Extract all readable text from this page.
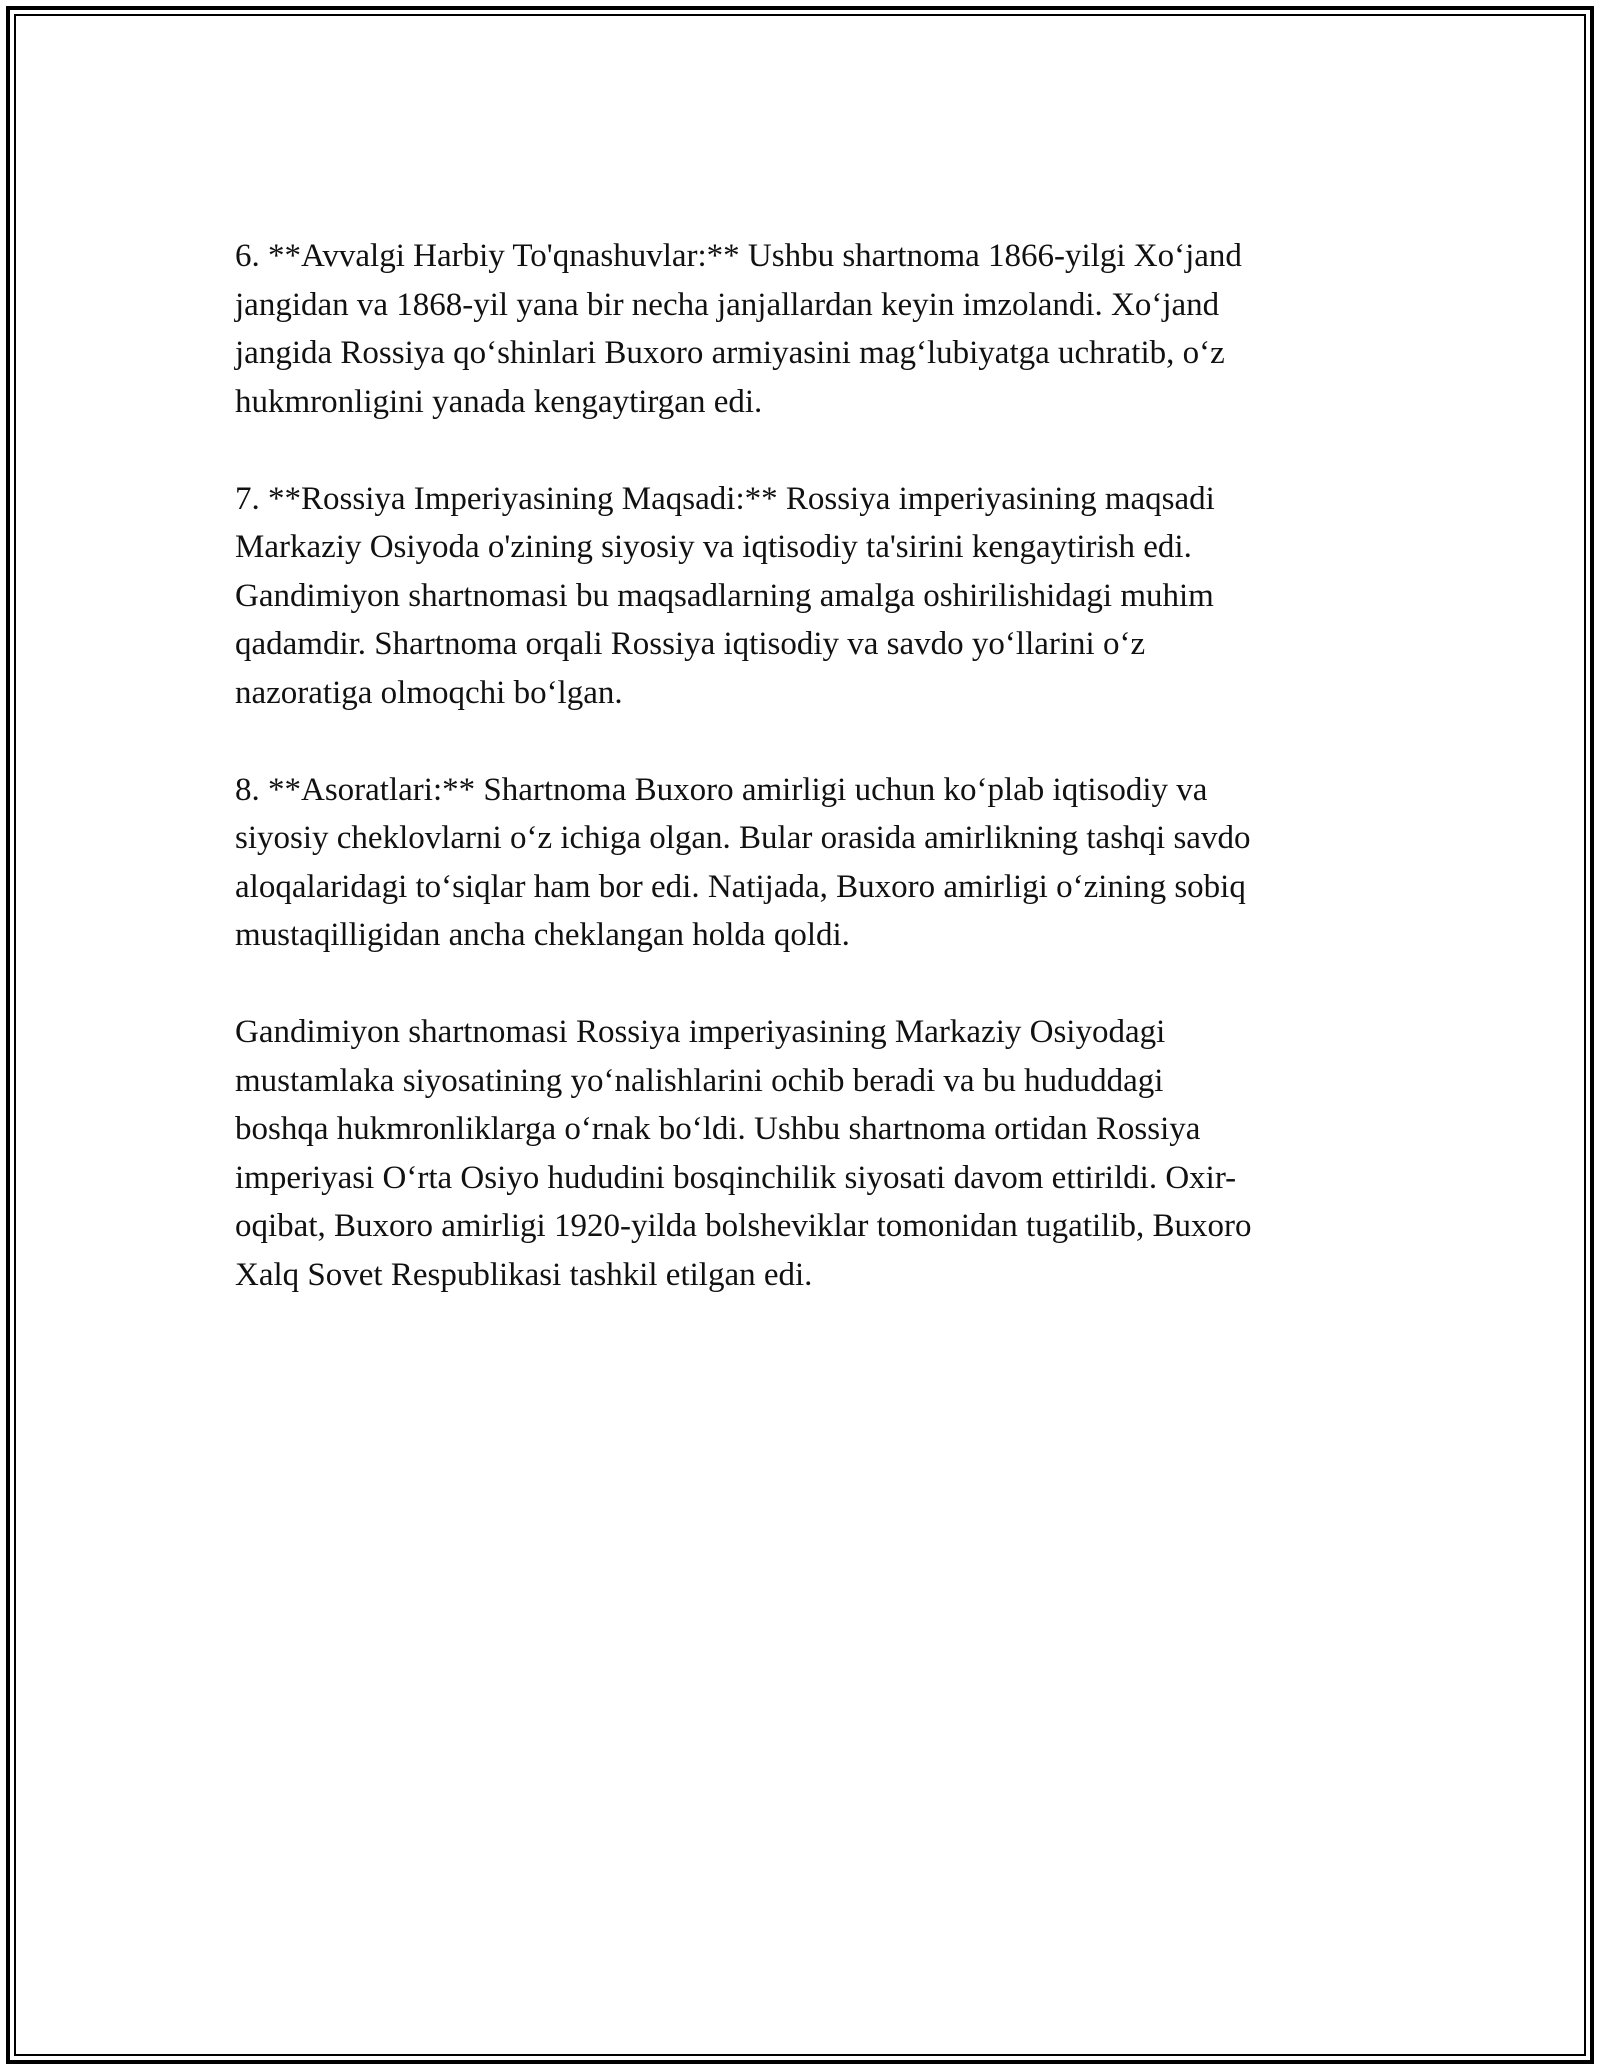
6. **Avvalgi Harbiy To'qnashuvlar:** Ushbu shartnoma 1866-yilgi Xoʻjand
jangidan va 1868-yil yana bir necha janjallardan keyin imzolandi. Xoʻjand
jangida Rossiya qoʻshinlari Buxoro armiyasini magʻlubiyatga uchratib, oʻz
hukmronligini yanada kengaytirgan edi.

7. **Rossiya Imperiyasining Maqsadi:** Rossiya imperiyasining maqsadi
Markaziy Osiyoda o'zining siyosiy va iqtisodiy ta'sirini kengaytirish edi.
Gandimiyon shartnomasi bu maqsadlarning amalga oshirilishidagi muhim
qadamdir. Shartnoma orqali Rossiya iqtisodiy va savdo yoʻllarini oʻz
nazoratiga olmoqchi boʻlgan.

8. **Asoratlari:** Shartnoma Buxoro amirligi uchun koʻplab iqtisodiy va
siyosiy cheklovlarni oʻz ichiga olgan. Bular orasida amirlikning tashqi savdo
aloqalaridagi toʻsiqlar ham bor edi. Natijada, Buxoro amirligi oʻzining sobiq
mustaqilligidan ancha cheklangan holda qoldi.

Gandimiyon shartnomasi Rossiya imperiyasining Markaziy Osiyodagi
mustamlaka siyosatining yoʻnalishlarini ochib beradi va bu hududdagi
boshqa hukmronliklarga oʻrnak boʻldi. Ushbu shartnoma ortidan Rossiya
imperiyasi Oʻrta Osiyo hududini bosqinchilik siyosati davom ettirildi. Oxir-
oqibat, Buxoro amirligi 1920-yilda bolsheviklar tomonidan tugatilib, Buxoro
Xalq Sovet Respublikasi tashkil etilgan edi.
